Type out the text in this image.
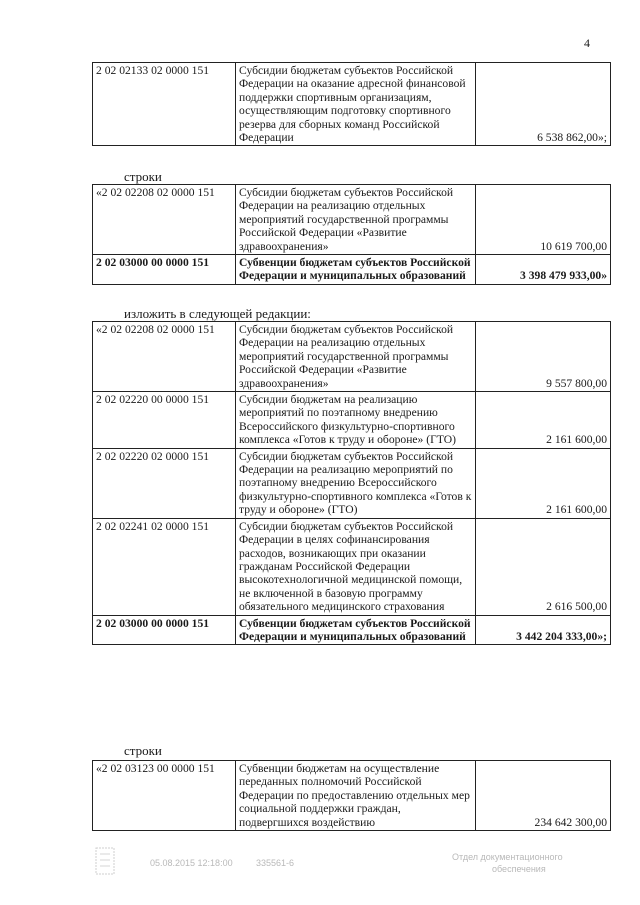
4
2 02 02133 02 0000 151	Субсидии бюджетам субъектов Российской Федерации на оказание адресной финансовой поддержки спортивным организациям, осуществляющим подготовку спортивного резерва для сборных команд Российской Федерации	6 538 862,00»;
строки
«2 02 02208 02 0000 151	Субсидии бюджетам субъектов Российской Федерации на реализацию отдельных мероприятий государственной программы Российской Федерации «Развитие здравоохранения»	10 619 700,00
2 02 03000 00 0000 151	Субвенции бюджетам субъектов Российской Федерации и муниципальных образований	3 398 479 933,00»
изложить в следующей редакции:
«2 02 02208 02 0000 151	Субсидии бюджетам субъектов Российской Федерации на реализацию отдельных мероприятий государственной программы Российской Федерации «Развитие здравоохранения»	9 557 800,00
2 02 02220 00 0000 151	Субсидии бюджетам на реализацию мероприятий по поэтапному внедрению Всероссийского физкультурно-спортивного комплекса «Готов к труду и обороне» (ГТО)	2 161 600,00
2 02 02220 02 0000 151	Субсидии бюджетам субъектов Российской Федерации на реализацию мероприятий по поэтапному внедрению Всероссийского физкультурно-спортивного комплекса «Готов к труду и обороне» (ГТО)	2 161 600,00
2 02 02241 02 0000 151	Субсидии бюджетам субъектов Российской Федерации в целях софинансирования расходов, возникающих при оказании гражданам Российской Федерации высокотехнологичной медицинской помощи, не включенной в базовую программу обязательного медицинского страхования	2 616 500,00
2 02 03000 00 0000 151	Субвенции бюджетам субъектов Российской Федерации и муниципальных образований	3 442 204 333,00»;
строки
«2 02 03123 00 0000 151	Субвенции бюджетам на осуществление переданных полномочий Российской Федерации по предоставлению отдельных мер социальной поддержки граждан, подвергшихся воздействию	234 642 300,00
05.08.2015 12:18:00	335561-6
Отдел документационного
обеспечения
